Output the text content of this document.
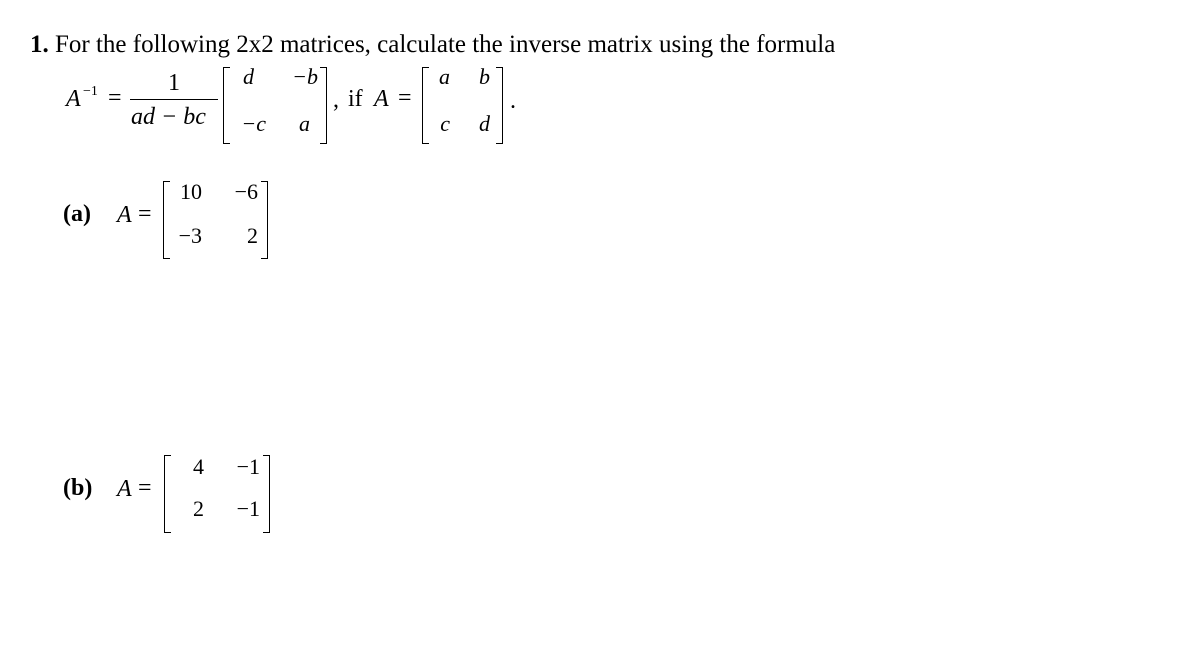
1. For the following 2x2 matrices, calculate the inverse matrix using the formula
A −1 =
1
ad − bc
d	−b
−c	a
, if A =
a	b
c	d
.
(a) A =
10	−6
−3	2
(b) A =
4	−1
2	−1
